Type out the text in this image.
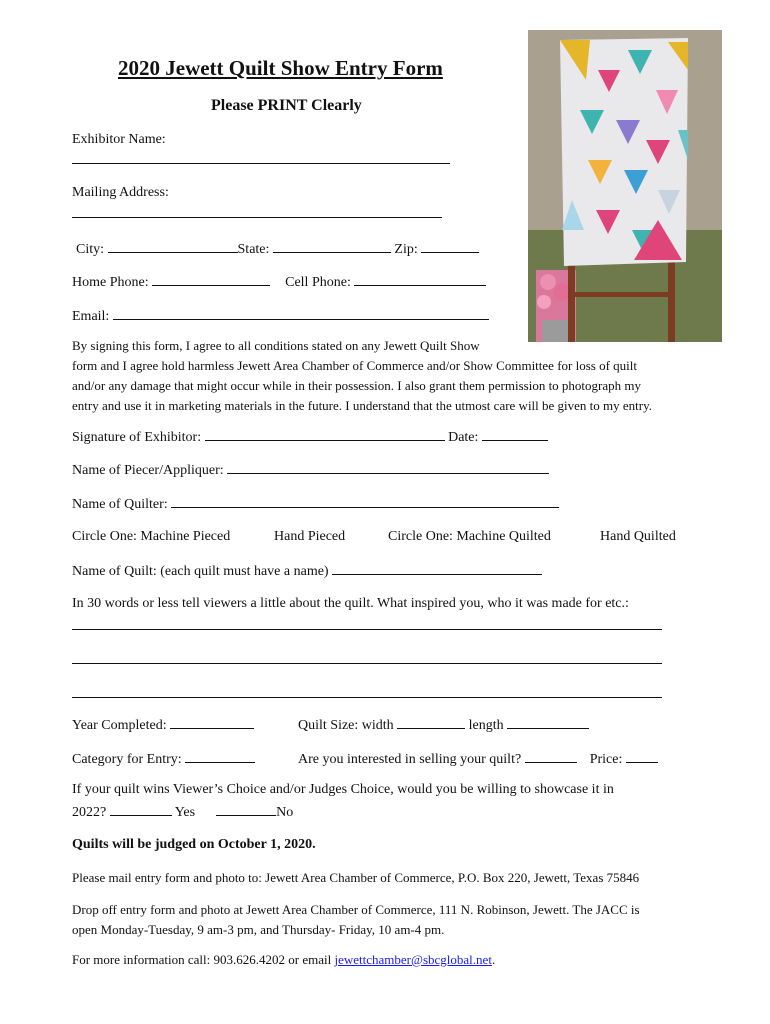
2020 Jewett Quilt Show Entry Form
Please PRINT Clearly
Exhibitor Name:
Mailing Address:
City:	State:	Zip:
Home Phone:	Cell Phone:
Email:
By signing this form, I agree to all conditions stated on any Jewett Quilt Show
form and I agree hold harmless Jewett Area Chamber of Commerce and/or Show Committee for loss of quilt
and/or any damage that might occur while in their possession. I also grant them permission to photograph my
entry and use it in marketing materials in the future. I understand that the utmost care will be given to my entry.
Signature of Exhibitor:	Date:
Name of Piecer/Appliquer:
Name of Quilter:
Circle One: Machine Pieced	Hand Pieced	Circle One: Machine Quilted	Hand Quilted
Name of Quilt: (each quilt must have a name)
In 30 words or less tell viewers a little about the quilt. What inspired you, who it was made for etc.:
Year Completed:	Quilt Size: width	length
Category for Entry:	Are you interested in selling your quilt?	Price:
If your quilt wins Viewer’s Choice and/or Judges Choice, would you be willing to showcase it in
2022?	Yes	No
Quilts will be judged on October 1, 2020.
Please mail entry form and photo to: Jewett Area Chamber of Commerce, P.O. Box 220, Jewett, Texas 75846
Drop off entry form and photo at Jewett Area Chamber of Commerce, 111 N. Robinson, Jewett. The JACC is
open Monday-Tuesday, 9 am-3 pm, and Thursday- Friday, 10 am-4 pm.
For more information call: 903.626.4202 or email jewettchamber@sbcglobal.net.
